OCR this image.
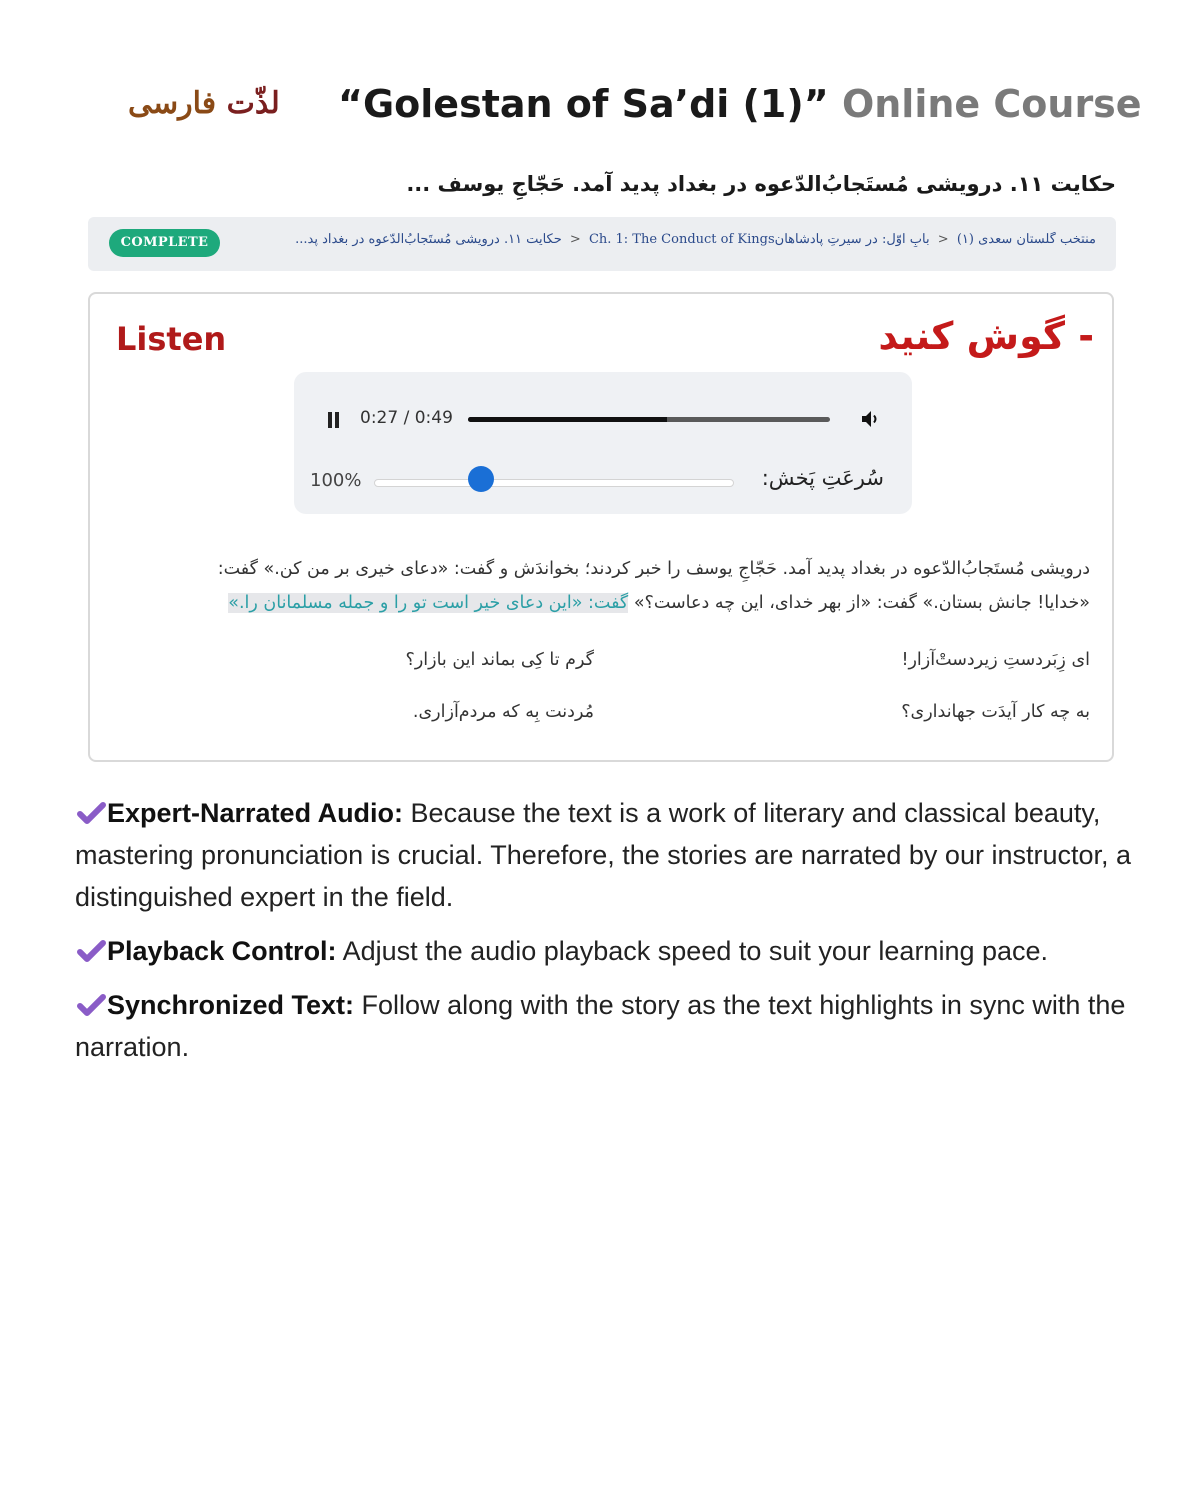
لذّت فارسی	“Golestan of Sa’di (1)” Online Course
حکایت ۱۱. درویشی مُستَجابُ‌الدّعوه در بغداد پدید آمد. حَجّاجِ یوسف ...
COMPLETE	منتخب گلستان سعدی (۱) < بابِ اوّل: در سیرتِ پادشاهانCh. 1: The Conduct of Kings < حکایت ۱۱. درویشی مُستَجابُ‌الدّعوه در بغداد پد...
Listen	- گوش کنید
0:27 / 0:49
100%	سُرعَتِ پَخش:
درویشی مُستَجابُ‌الدّعوه در بغداد پدید آمد. حَجّاجِ یوسف را خبر کردند؛ بخواندَش و گفت: «دعای خیری بر من کن.» گفت:
«خدایا! جانش بستان.» گفت: «از بهر خدای، این چه دعاست؟» گفت: «این دعای خیر است تو را و جمله مسلمانان را.»
ای زِبَردستِ زیردستْ‌آزار!
گرم تا کِی بماند این بازار؟
به چه کار آیدَت جهانداری؟
مُردنت بِه که مردم‌آزاری.
Expert-Narrated Audio: Because the text is a work of literary and classical beauty, mastering pronunciation is crucial. Therefore, the stories are narrated by our instructor, a distinguished expert in the field.
Playback Control: Adjust the audio playback speed to suit your learning pace.
Synchronized Text: Follow along with the story as the text highlights in sync with the narration.
